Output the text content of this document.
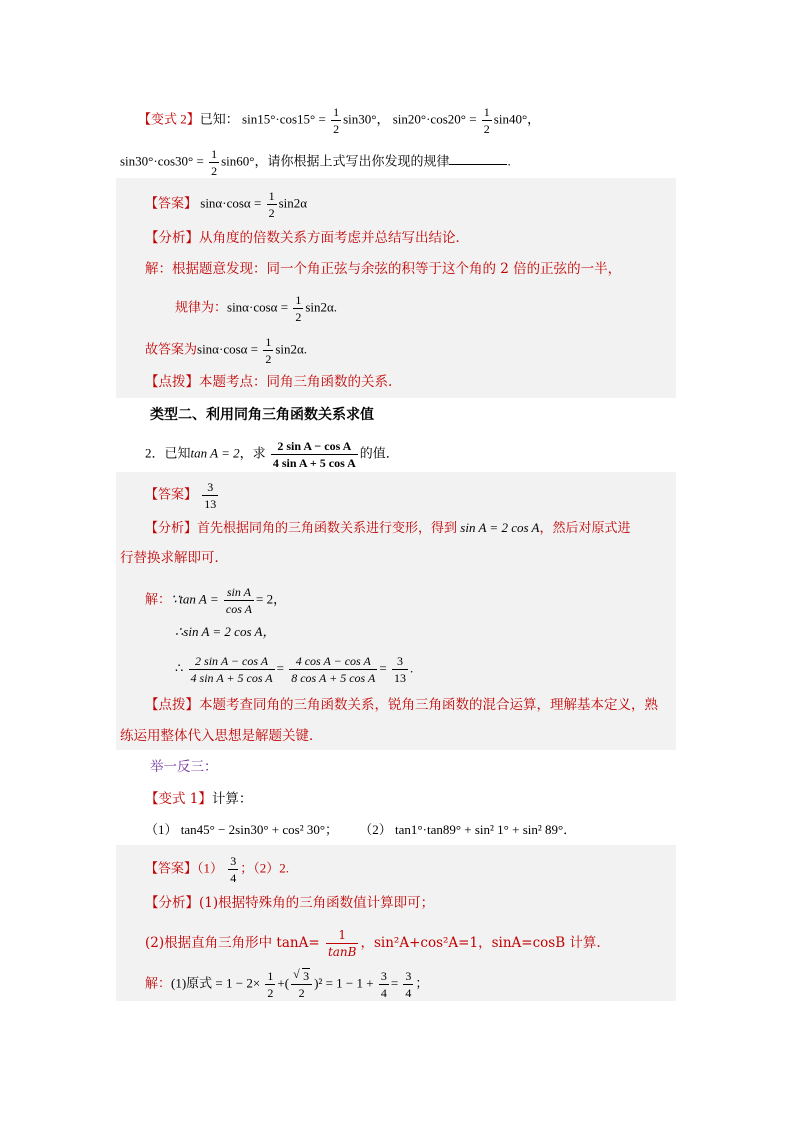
【变式 2】已知： $\sin 15^\circ\cdot\cos 15^\circ = \frac{1}{2} \sin 30^\circ$， $\sin 20^\circ\cdot\cos 20^\circ = \frac{1}{2} \sin 40^\circ$，
$\sin 30^\circ\cdot\cos 30^\circ = \frac{1}{2} \sin 60^\circ$，请你根据上式写出你发现的规律	.
【答案】 $\sin\alpha\cdot\cos\alpha = \frac{1}{2} \sin 2\alpha$
【分析】从角度的倍数关系方面考虑并总结写出结论．
解：根据题意发现：同一个角正弦与余弦的积等于这个角的 2 倍的正弦的一半，
规律为：$\sin\alpha\cdot\cos\alpha = \frac{1}{2} \sin 2\alpha$.
故答案为$\sin\alpha\cdot\cos\alpha = \frac{1}{2} \sin 2\alpha$.
【点拨】本题考点：同角三角函数的关系.
类型二、利用同角三角函数关系求值
2．已知tan A = 2，求 $\frac{\text{2 sin A − cos A}}{\text{4 sin A + 5 cos A}}$ 的值．
【答案】 $\frac{3}{13}$
【分析】首先根据同角的三角函数关系进行变形，得到 sin A = 2 cos A，然后对原式进
行替换求解即可．
解：∵tan $A = \frac{\text{sin A}}{\text{cos A}} = 2$，
∴sin A = 2 cos A，
∴ $\frac{\text{2 sin A − cos A}}{\text{4 sin A + 5 cos A}} = \frac{\text{4 cos A − cos A}}{\text{8 cos A + 5 cos A}} = \frac{3}{13}$ .
【点拨】本题考查同角的三角函数关系，锐角三角函数的混合运算，理解基本定义，熟
练运用整体代入思想是解题关键．
举一反三：
【变式 1】计算：
（1） tan45° − 2sin30° + cos² 30°； （2） tan1°·tan89° + sin² 1° + sin² 89°．
【答案】$(1) \frac{3}{4}$ ；（2）2.
【分析】(1)根据特殊角的三角函数值计算即可；
(2)根据直角三角形中 $\tan A= \frac{1}{\tan B}$ ，sin²A+cos²A=1，sinA=cosB 计算.
解：(1)原式 = $1 - 2\times \frac{1}{2}$ +( $\frac{√ 3}{2} )^2 = 1 - 1 + \frac{3}{4} = \frac{3}{4}$ ；
